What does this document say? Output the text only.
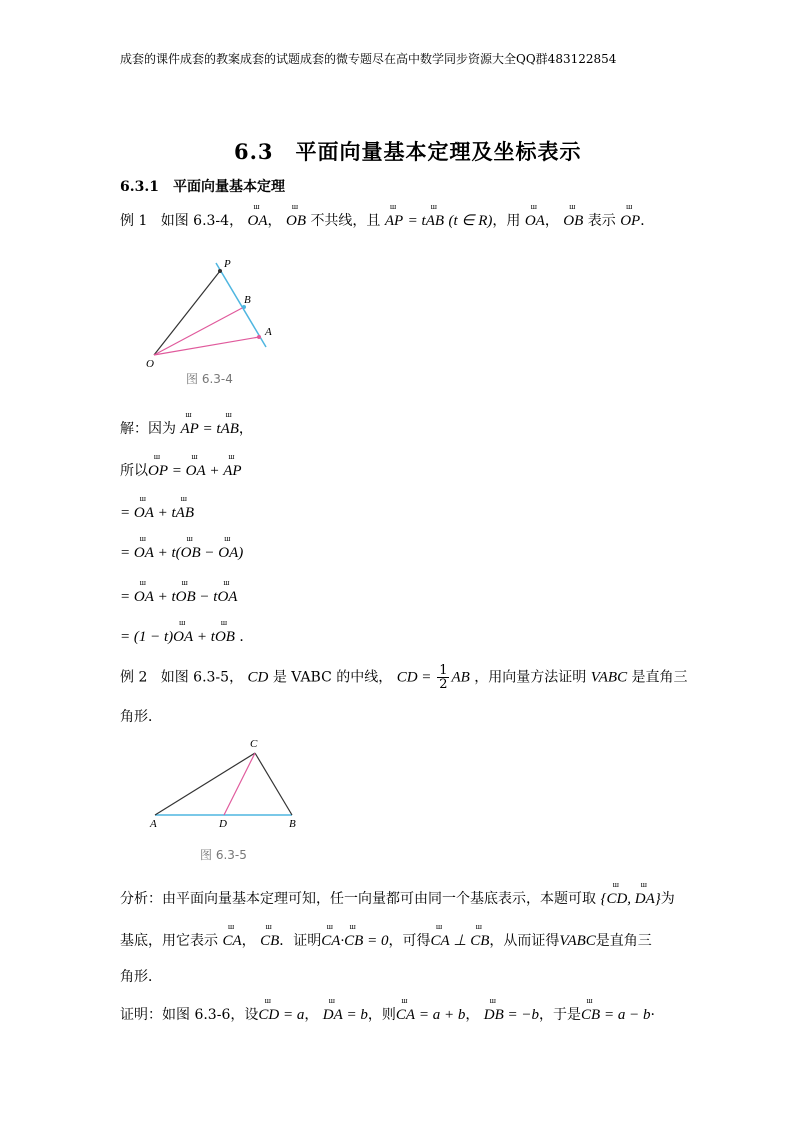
成套的课件成套的教案成套的试题成套的微专题尽在高中数学同步资源大全QQ群483122854
6.3　平面向量基本定理及坐标表示
6.3.1　平面向量基本定理
例 1 如图 6.3-4， ш OA， ш OB 不共线，且 ш AP = tш AB (t ∈ R)，用 ш OA， ш OB 表示 ш OP．
P
B
A
O
图 6.3-4
解：因为 ш AP = tш AB，
所以ш OP = ш OA + ш AP
= ш OA + tш AB
= ш OA + t(ш OB − ш OA)
= ш OA + tш OB − tш OA
= (1 − t)ш OA + tш OB ．
例 2 如图 6.3-5， CD 是 VABC 的中线， CD = $\frac{1}{2}$ AB ，用向量方法证明 VABC 是直角三
角形．
C
A	D	B
图 6.3-5
分析：由平面向量基本定理可知，任一向量都可由同一个基底表示，本题可取 {ш CD, ш DA}为
基底，用它表示 ш CA， ш CB．证明ш CA·ш CB = 0，可得ш CA ⊥ ш CB，从而证得VABC是直角三
角形．
证明：如图 6.3-6，设ш CD = a， ш DA = b，则ш CA = a + b， ш DB = −b，于是ш CB = a − b·
